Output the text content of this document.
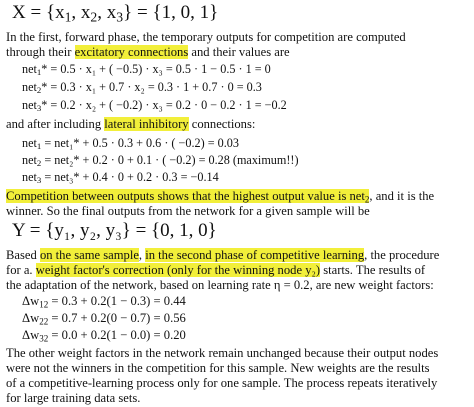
$X = \{x_1$, $x_2$, $x_3\} = \{1$, 0, 1}
In the first, forward phase, the temporary outputs for competition are computed
through their excitatory connections and their values are
net$_1$* = 0.5 · x₁ + ( −0.5) · x₃ = 0.5 · 1 − 0.5 · 1 = 0
net$_2$* = 0.3 · x₁ + 0.7 · x₂ = 0.3 · 1 + 0.7 · 0 = 0.3
net$_3$* = 0.2 · x₂ + ( −0.2) · x₃ = 0.2 · 0 − 0.2 · 1 = −0.2
and after including lateral inhibitory connections:
net$_1$ = net₁* + 0.5 · 0.3 + 0.6 · ( −0.2) = 0.03
net$_2$ = net₂* + 0.2 · 0 + 0.1 · ( −0.2) = 0.28 (maximum!!)
net$_3$ = net₃* + 0.4 · 0 + 0.2 · 0.3 = −0.14
Competition between outputs shows that the highest output value is net$_2$, and it is the
winner. So the final outputs from the network for a given sample will be
Y = {y₁, y₂, y₃} = {0, 1, 0}
Based on the same sample, in the second phase of competitive learning, the procedure
for a. weight factor's correction (only for the winning node y₂) starts. The results of
the adaptation of the network, based on learning rate η = 0.2, are new weight factors:
$\Delta w_{12} = 0.3 + 0.2(1 - 0.3) = 0.44$
$\Delta w_{22} = 0.7 + 0.2(0 - 0.7) = 0.56$
$\Delta w_{32} = 0.0 + 0.2(1 - 0.0) = 0.20$
The other weight factors in the network remain unchanged because their output nodes
were not the winners in the competition for this sample. New weights are the results
of a competitive-learning process only for one sample. The process repeats iteratively
for large training data sets.
